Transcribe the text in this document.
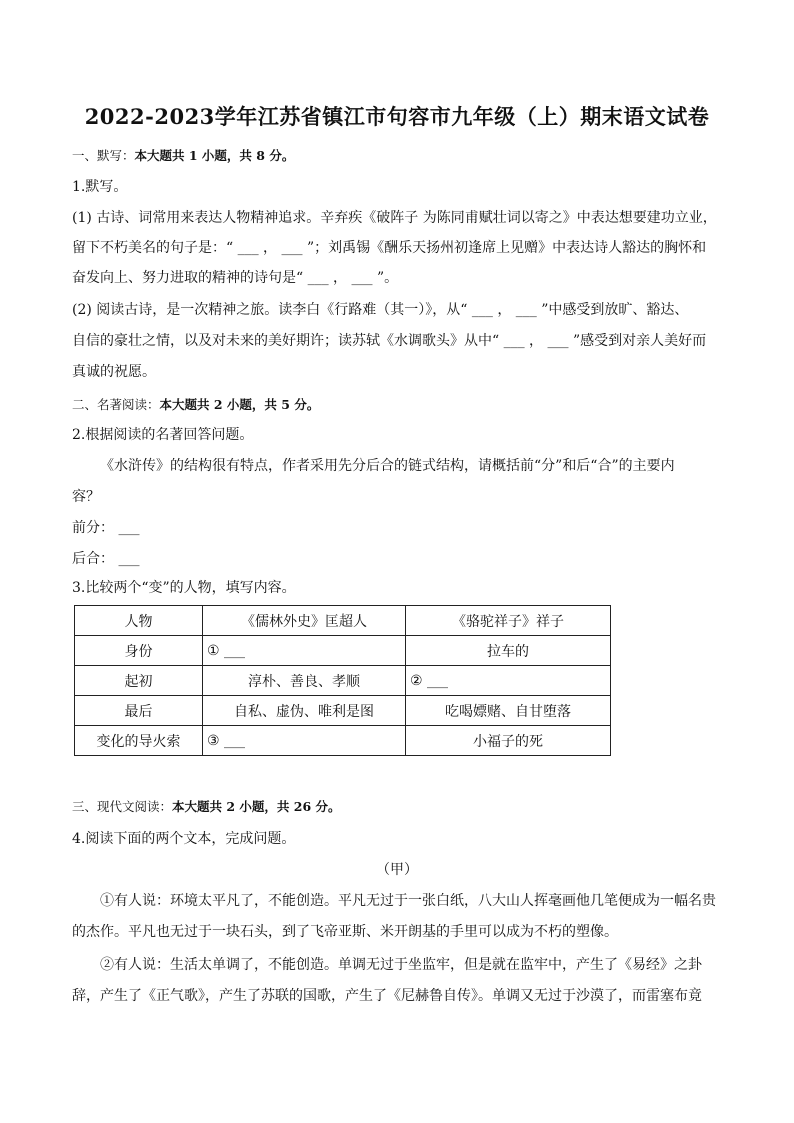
2022-2023学年江苏省镇江市句容市九年级（上）期末语文试卷
一、默写：本大题共 1 小题，共 8 分。
1.默写。
(1) 古诗、词常用来表达人物精神追求。辛弃疾《破阵子 为陈同甫赋壮词以寄之》中表达想要建功立业，
留下不朽美名的句子是：“ ___ ， ___ ”；刘禹锡《酬乐天扬州初逢席上见赠》中表达诗人豁达的胸怀和
奋发向上、努力进取的精神的诗句是“ ___ ， ___ ”。
(2) 阅读古诗，是一次精神之旅。读李白《行路难（其一）》，从“ ___ ， ___ ”中感受到放旷、豁达、
自信的豪壮之情，以及对未来的美好期许；读苏轼《水调歌头》从中“ ___ ， ___ ”感受到对亲人美好而
真诚的祝愿。
二、名著阅读：本大题共 2 小题，共 5 分。
2.根据阅读的名著回答问题。
《水浒传》的结构很有特点，作者采用先分后合的链式结构，请概括前“分”和后“合”的主要内
容？
前分： ___
后合： ___
3.比较两个“变”的人物，填写内容。
人物	《儒林外史》匡超人	《骆驼祥子》祥子
身份	① ___	拉车的
起初	淳朴、善良、孝顺	② ___
最后	自私、虚伪、唯利是图	吃喝嫖赌、自甘堕落
变化的导火索	③ ___	小福子的死
三、现代文阅读：本大题共 2 小题，共 26 分。
4.阅读下面的两个文本，完成问题。
（甲）
①有人说：环境太平凡了，不能创造。平凡无过于一张白纸，八大山人挥毫画他几笔便成为一幅名贵
的杰作。平凡也无过于一块石头，到了飞帝亚斯、米开朗基的手里可以成为不朽的塑像。
②有人说：生活太单调了，不能创造。单调无过于坐监牢，但是就在监牢中，产生了《易经》之卦
辞，产生了《正气歌》，产生了苏联的国歌，产生了《尼赫鲁自传》。单调又无过于沙漠了，而雷塞布竟
